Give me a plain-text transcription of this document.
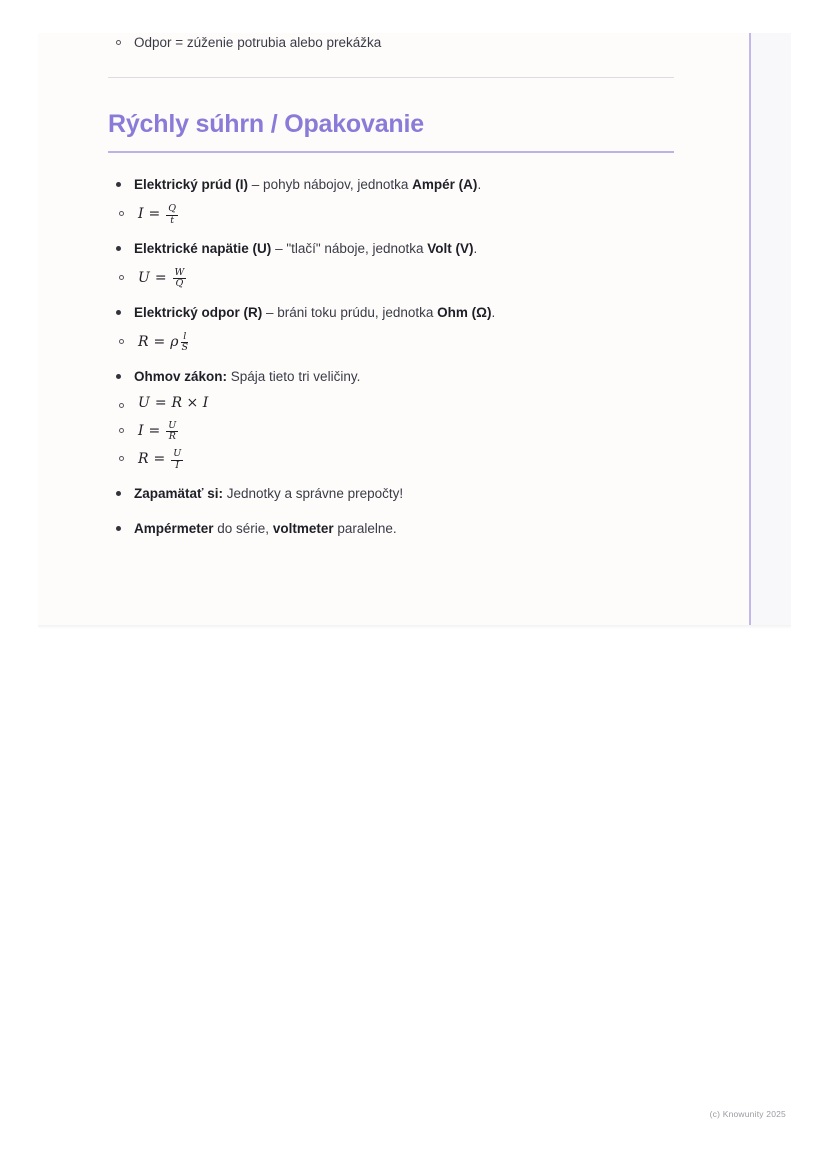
Odpor = zúženie potrubia alebo prekážka
Rýchly súhrn / Opakovanie
Elektrický prúd (I) – pohyb nábojov, jednotka Ampér (A).
$I = \frac{Q}{t}$
Elektrické napätie (U) – "tlačí" náboje, jednotka Volt (V).
$U = \frac{W}{Q}$
Elektrický odpor (R) – bráni toku prúdu, jednotka Ohm (Ω).
R = ρ $\frac{l}{S}$
Ohmov zákon: Spája tieto tri veličiny.
U = R × I
$I = \frac{U}{R}$
$R = \frac{U}{I}$
Zapamätať si: Jednotky a správne prepočty!
Ampérmeter do série, voltmeter paralelne.
(c) Knowunity 2025
